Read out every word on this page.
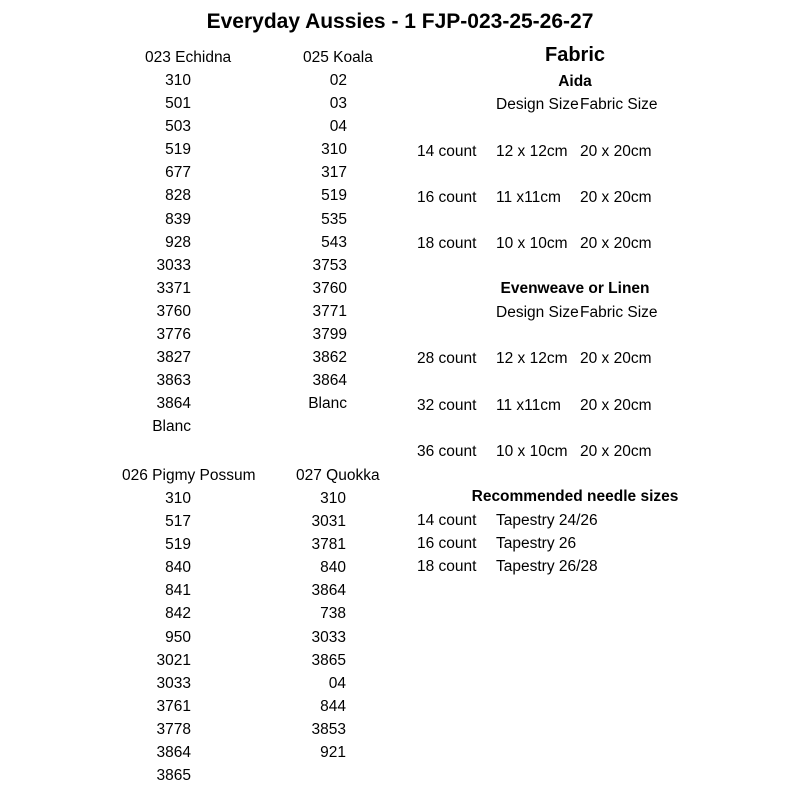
Everyday Aussies - 1 FJP-023-25-26-27
023 Echidna
310
501
503
519
677
828
839
928
3033
3371
3760
3776
3827
3863
3864
Blanc
025 Koala
02
03
04
310
317
519
535
543
3753
3760
3771
3799
3862
3864
Blanc
026 Pigmy Possum
310
517
519
840
841
842
950
3021
3033
3761
3778
3864
3865
027 Quokka
310
3031
3781
840
3864
738
3033
3865
04
844
3853
921
Fabric
Aida
Design Size Fabric Size
14 count 12 x 12cm 20 x 20cm
16 count 11 x11cm 20 x 20cm
18 count 10 x 10cm 20 x 20cm
Evenweave or Linen
Design Size Fabric Size
28 count 12 x 12cm 20 x 20cm
32 count 11 x11cm 20 x 20cm
36 count 10 x 10cm 20 x 20cm
Recommended needle sizes
14 count Tapestry 24/26
16 count Tapestry 26
18 count Tapestry 26/28
